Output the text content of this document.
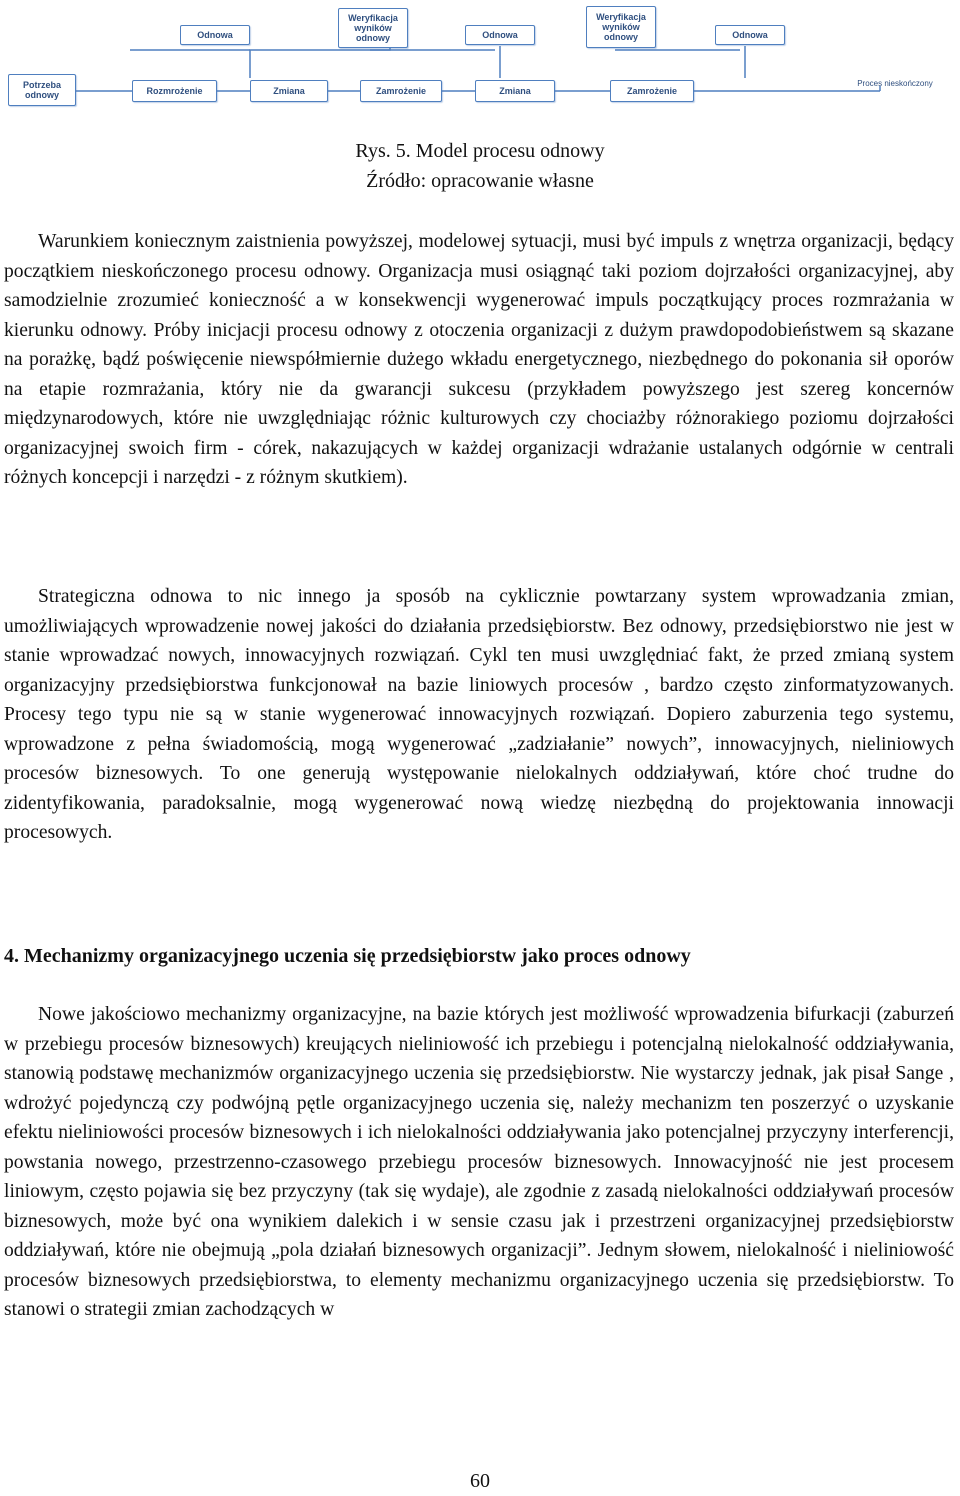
Odnowa
Weryfikacja wyników odnowy	Odnowa
Weryfikacja wyników odnowy	Odnowa
Potrzeba odnowy	Rozmrożenie	Zmiana	Zamrożenie	Zmiana	Zamrożenie
Proces nieskończony
Rys. 5. Model procesu odnowy
Źródło: opracowanie własne

Warunkiem koniecznym zaistnienia powyższej, modelowej sytuacji, musi być impuls z wnętrza organizacji, będący początkiem nieskończonego procesu odnowy. Organizacja musi osiągnąć taki poziom dojrzałości organizacyjnej, aby samodzielnie zrozumieć konieczność a w konsekwencji wygenerować impuls początkujący proces rozmrażania w kierunku odnowy. Próby inicjacji procesu odnowy z otoczenia organizacji z dużym prawdopodobieństwem są skazane na porażkę, bądź poświęcenie niewspółmiernie dużego wkładu energetycznego, niezbędnego do pokonania sił oporów na etapie rozmrażania, który nie da gwarancji sukcesu (przykładem powyższego jest szereg koncernów międzynarodowych, które nie uwzględniając różnic kulturowych czy chociażby różnorakiego poziomu dojrzałości organizacyjnej swoich firm - córek, nakazujących w każdej organizacji wdrażanie ustalanych odgórnie w centrali różnych koncepcji i narzędzi - z różnym skutkiem).

Strategiczna odnowa to nic innego ja sposób na cyklicznie powtarzany system wprowadzania zmian, umożliwiających wprowadzenie nowej jakości do działania przedsiębiorstw. Bez odnowy, przedsiębiorstwo nie jest w stanie wprowadzać nowych, innowacyjnych rozwiązań. Cykl ten musi uwzględniać fakt, że przed zmianą system organizacyjny przedsiębiorstwa funkcjonował na bazie liniowych procesów , bardzo często zinformatyzowanych. Procesy tego typu nie są w stanie wygenerować innowacyjnych rozwiązań. Dopiero zaburzenia tego systemu, wprowadzone z pełna świadomością, mogą wygenerować „zadziałanie” nowych”, innowacyjnych, nieliniowych procesów biznesowych. To one generują występowanie nielokalnych oddziaływań, które choć trudne do zidentyfikowania, paradoksalnie, mogą wygenerować nową wiedzę niezbędną do projektowania innowacji procesowych.

4. Mechanizmy organizacyjnego uczenia się przedsiębiorstw jako proces odnowy

Nowe jakościowo mechanizmy organizacyjne, na bazie których jest możliwość wprowadzenia bifurkacji (zaburzeń w przebiegu procesów biznesowych) kreujących nieliniowość ich przebiegu i potencjalną nielokalność oddziaływania, stanowią podstawę mechanizmów organizacyjnego uczenia się przedsiębiorstw. Nie wystarczy jednak, jak pisał Sange , wdrożyć pojedynczą czy podwójną pętle organizacyjnego uczenia się, należy mechanizm ten poszerzyć o uzyskanie efektu nieliniowości procesów biznesowych i ich nielokalności oddziaływania jako potencjalnej przyczyny interferencji, powstania nowego, przestrzenno-czasowego przebiegu procesów biznesowych. Innowacyjność nie jest procesem liniowym, często pojawia się bez przyczyny (tak się wydaje), ale zgodnie z zasadą nielokalności oddziaływań procesów biznesowych, może być ona wynikiem dalekich i w sensie czasu jak i przestrzeni organizacyjnej przedsiębiorstw oddziaływań, które nie obejmują „pola działań biznesowych organizacji”. Jednym słowem, nielokalność i nieliniowość procesów biznesowych przedsiębiorstwa, to elementy mechanizmu organizacyjnego uczenia się przedsiębiorstw. To stanowi o strategii zmian zachodzących w

60
